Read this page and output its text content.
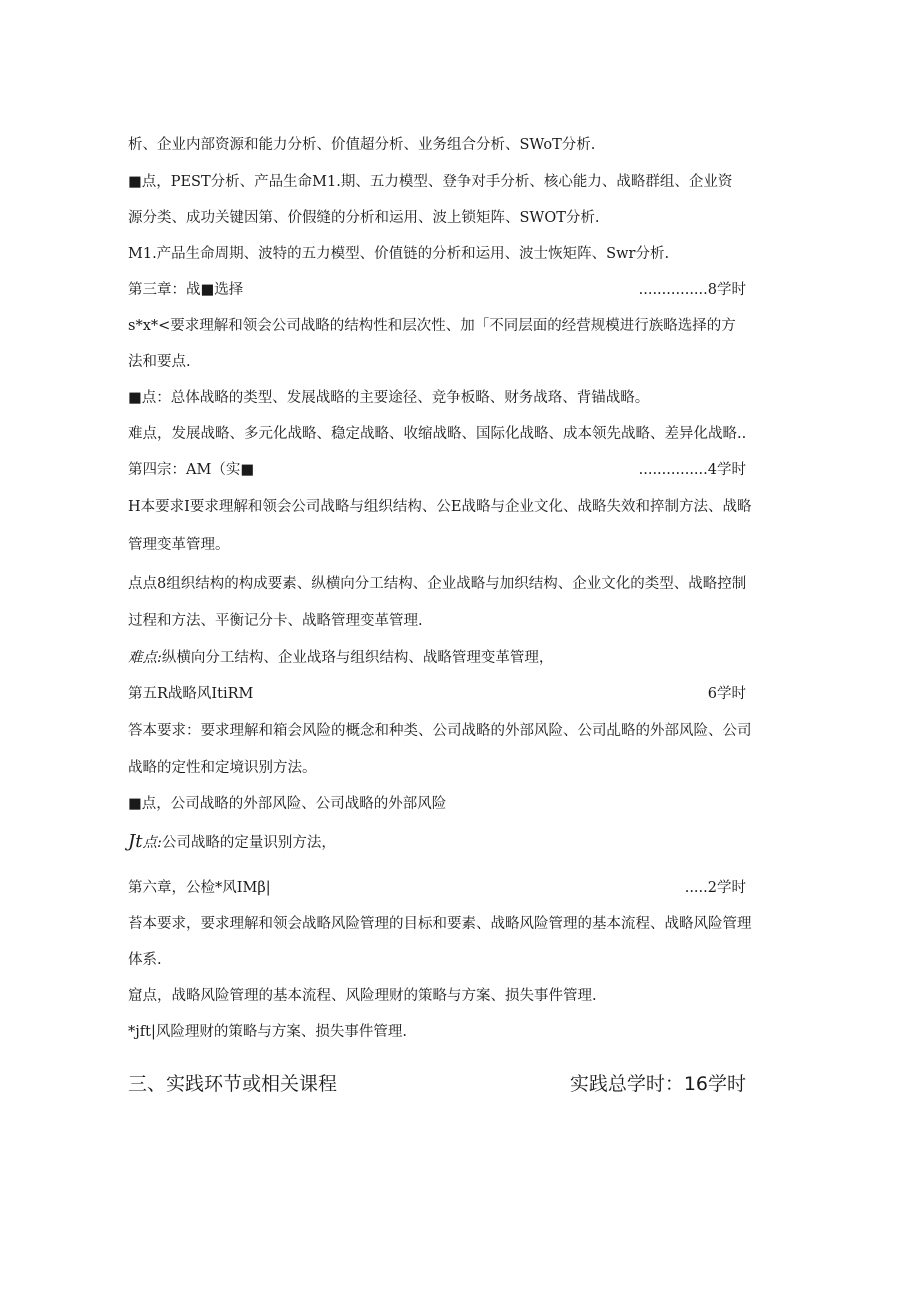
析、企业内部资源和能力分析、价值超分析、业务组合分析、SWoT分析.
■点，PEST分析、产品生命M1.期、五力模型、登争对手分析、核心能力、战略群组、企业资
源分类、成功关键因第、价假缝的分析和运用、波上锁矩阵、SWOT分析.
M1.产品生命周期、波特的五力模型、价值链的分析和运用、波士恢矩阵、Swr分析.
第三章：战■选择	...............8学时
s*x*<要求理解和领会公司战略的结构性和层次性、加「不同层面的经营规模进行族略选择的方
法和要点.
■点：总体战略的类型、发展战略的主要途径、竞争板略、财务战珞、背锚战略。
难点，发展战略、多元化战略、稳定战略、收缩战略、国际化战略、成本领先战略、差异化战略..
第四宗：AM（实■	...............4学时
H本要求I要求理解和领会公司战略与组织结构、公E战略与企业文化、战略失效和捽制方法、战略
管理变革管理。
点点8组织结构的构成要素、纵横向分工结构、企业战略与加织结构、企业文化的类型、战略控制
过程和方法、平衡记分卡、战略管理变革管理.
难点:纵横向分工结构、企业战珞与组织结构、战略管理变革管理，
第五R战略风ItiRM	6学时
答本要求：要求理解和箱会风险的概念和种类、公司战略的外部风险、公司乩略的外部风险、公司
战略的定性和定境识别方法。
■点，公司战略的外部风险、公司战略的外部风险
Jt点:公司战略的定量识别方法，
第六章，公检*风IMβ|	.....2学时
苔本要求，要求理解和领会战略风险管理的目标和要素、战略风险管理的基本流程、战略风险管理
体系.
窟点，战略风险管理的基本流程、风险理财的策略与方案、损失事件管理.
*jft|风险理财的策略与方案、损失事件管理.
三、实践环节或相关课程	实践总学时：16学时
